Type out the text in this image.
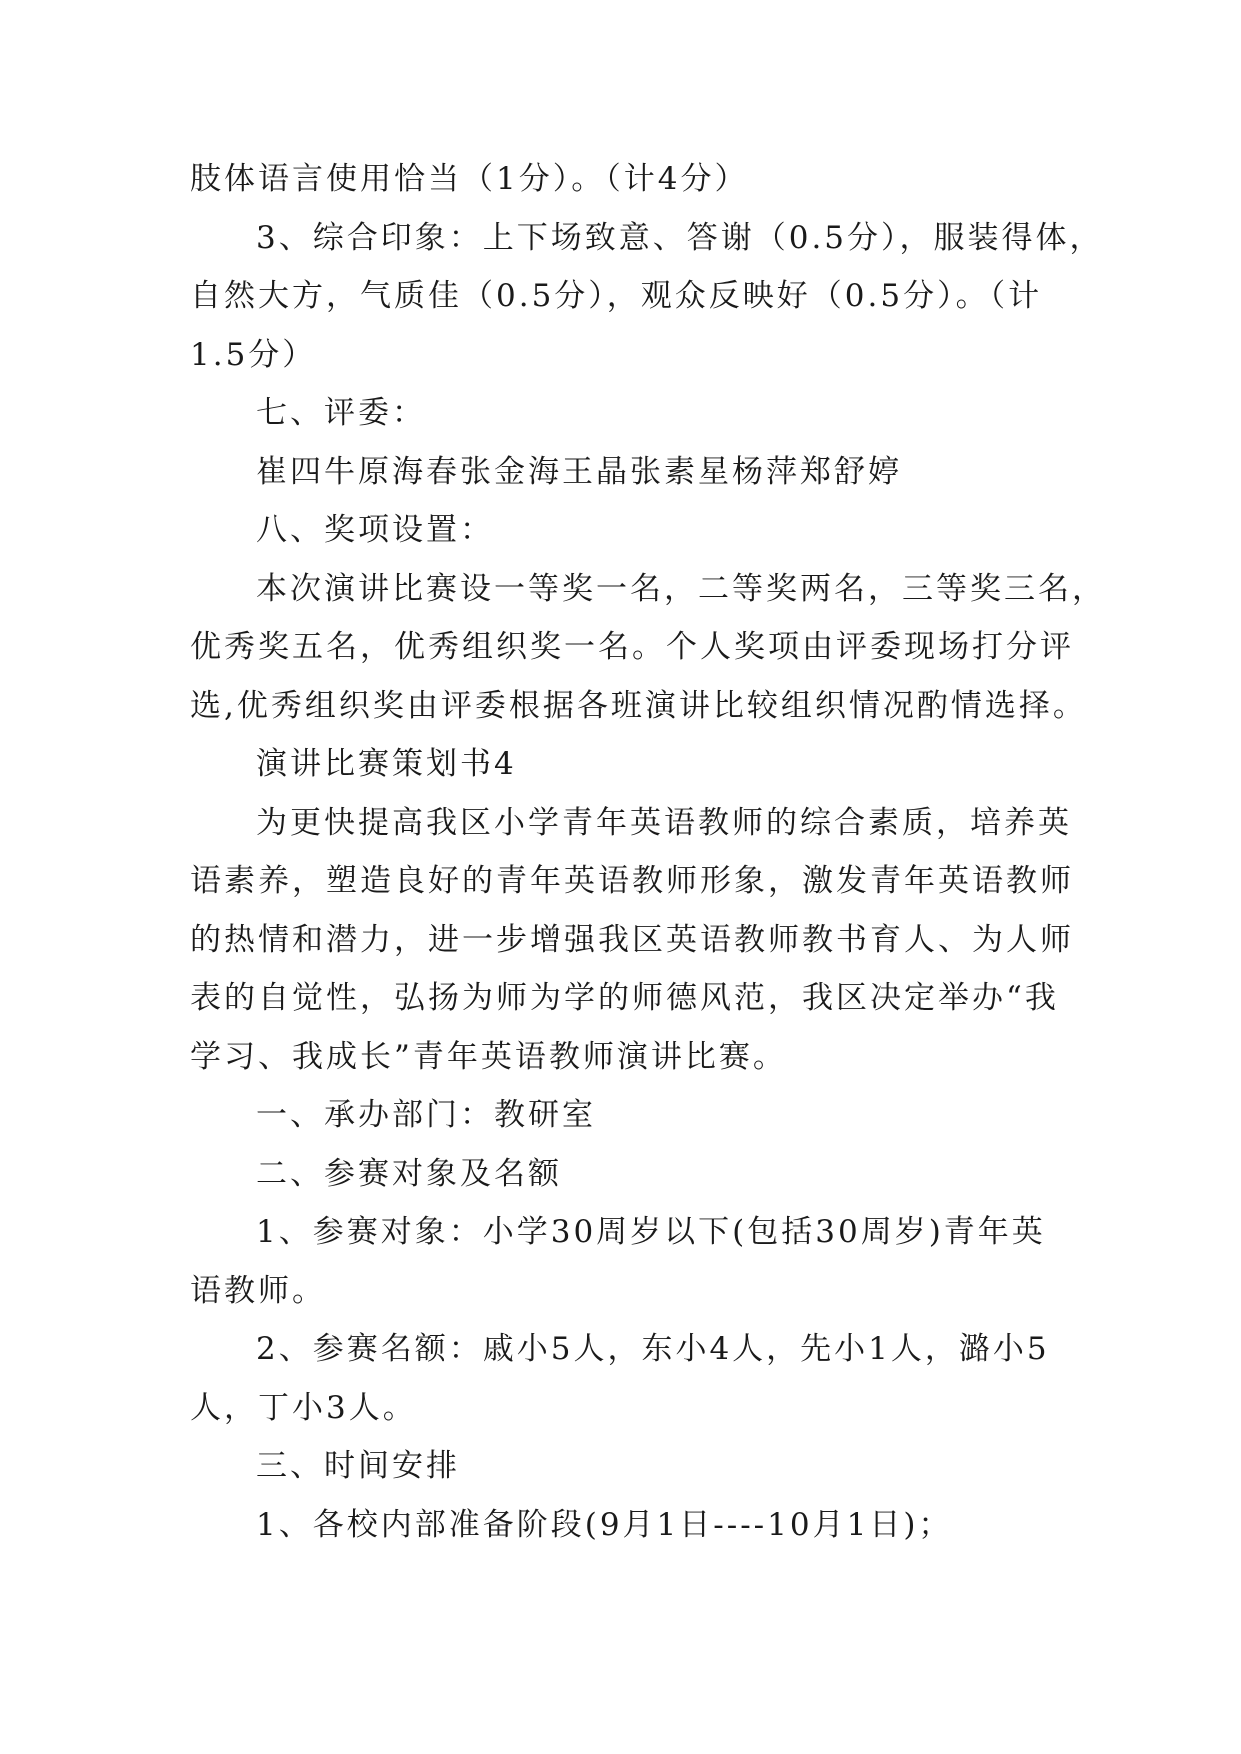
肢体语言使用恰当（1分）。（计4分）
3、综合印象：上下场致意、答谢（0.5分），服装得体，
自然大方，气质佳（0.5分），观众反映好（0.5分）。（计
1.5分）
七、评委：
崔四牛原海春张金海王晶张素星杨萍郑舒婷
八、奖项设置：
本次演讲比赛设一等奖一名，二等奖两名，三等奖三名，
优秀奖五名，优秀组织奖一名。个人奖项由评委现场打分评
选,优秀组织奖由评委根据各班演讲比较组织情况酌情选择。
演讲比赛策划书4
为更快提高我区小学青年英语教师的综合素质，培养英
语素养，塑造良好的青年英语教师形象，激发青年英语教师
的热情和潜力，进一步增强我区英语教师教书育人、为人师
表的自觉性，弘扬为师为学的师德风范，我区决定举办“我
学习、我成长”青年英语教师演讲比赛。
一、承办部门：教研室
二、参赛对象及名额
1、参赛对象：小学30周岁以下(包括30周岁)青年英
语教师。
2、参赛名额：戚小5人，东小4人，先小1人，潞小5
人，丁小3人。
三、时间安排
1、各校内部准备阶段(9月1日----10月1日)；
